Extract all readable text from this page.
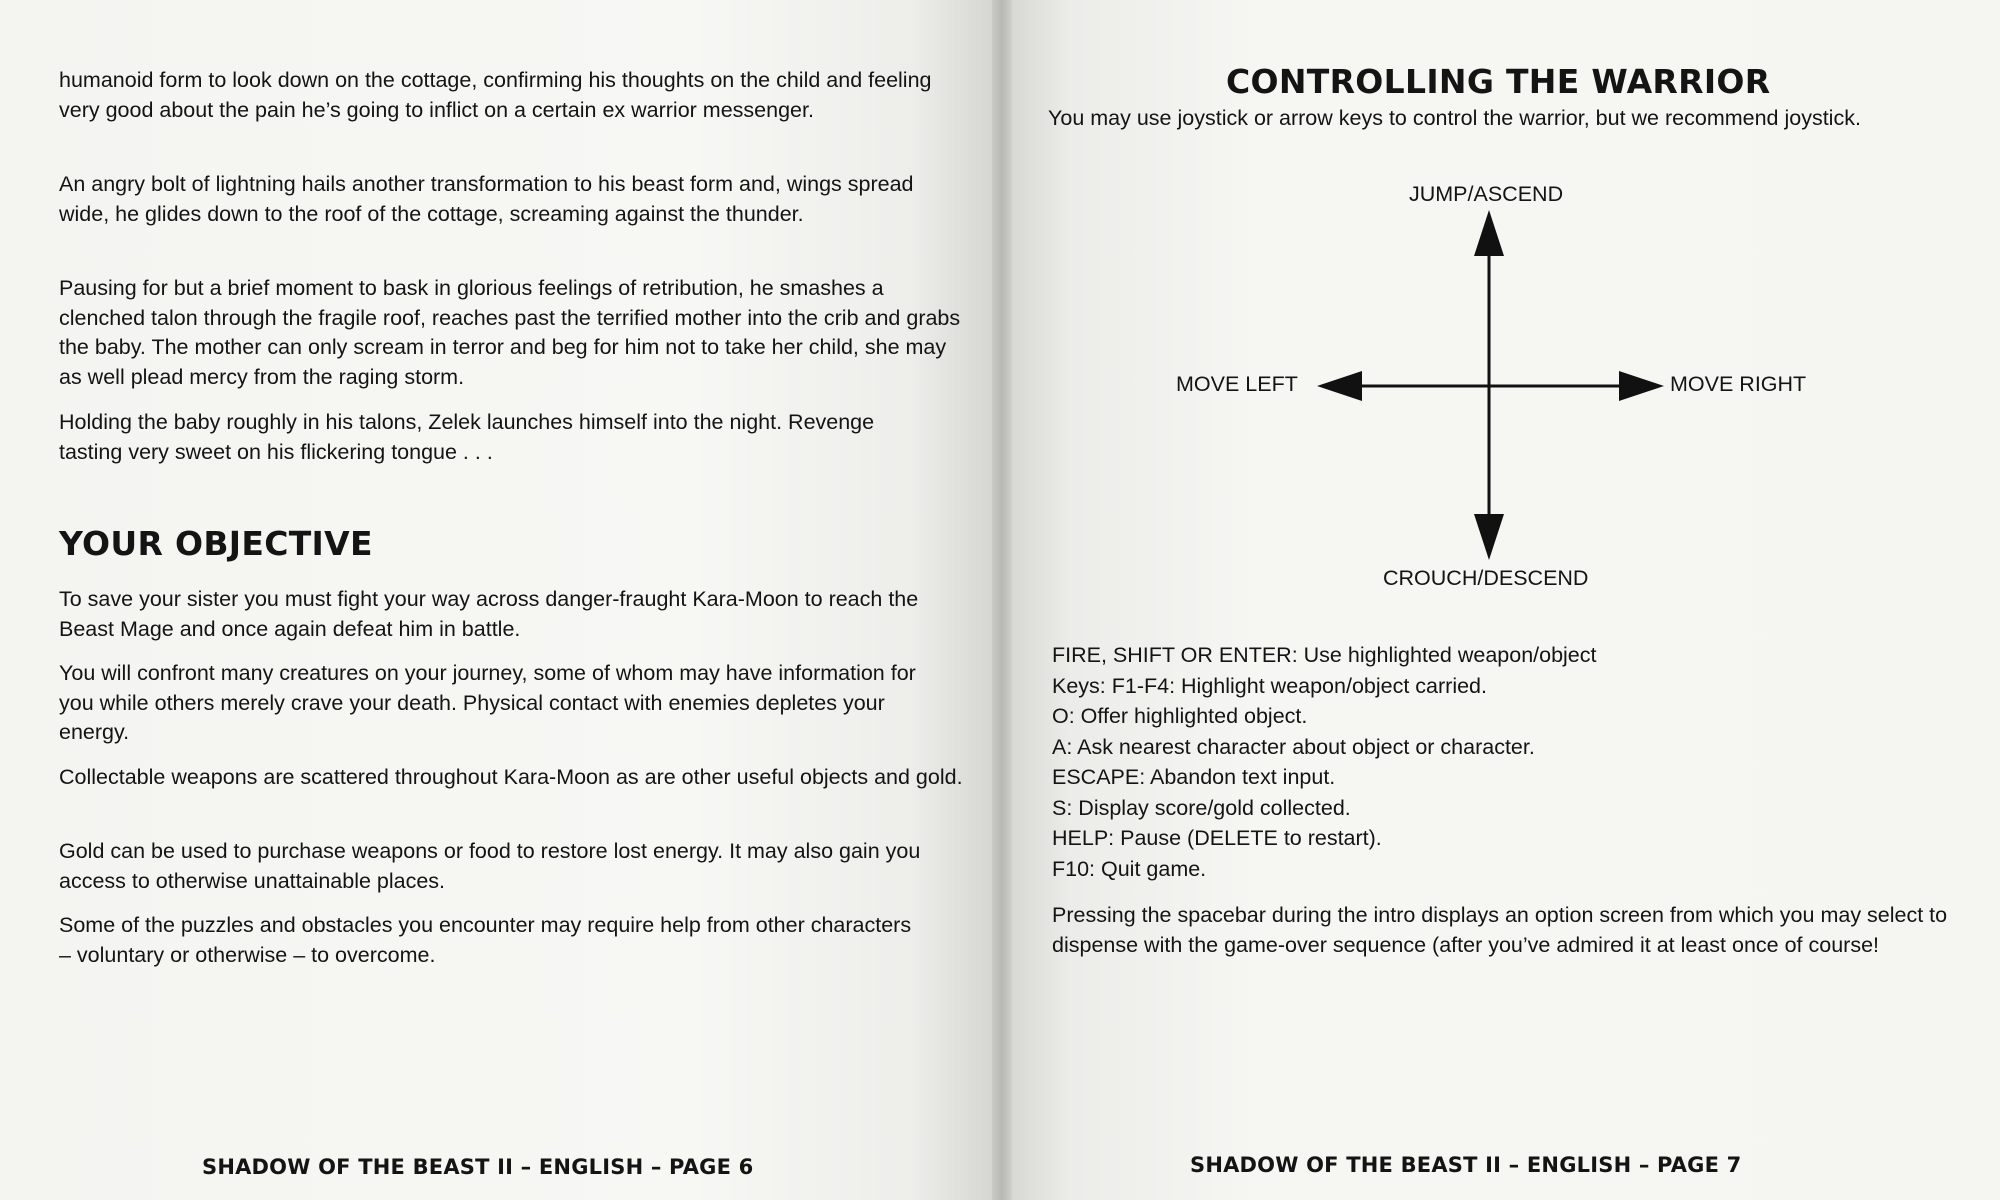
humanoid form to look down on the cottage, confirming his thoughts on the child and feeling very good about the pain he’s going to inflict on a certain ex warrior messenger.

An angry bolt of lightning hails another transformation to his beast form and, wings spread wide, he glides down to the roof of the cottage, screaming against the thunder.

Pausing for but a brief moment to bask in glorious feelings of retribution, he smashes a clenched talon through the fragile roof, reaches past the terrified mother into the crib and grabs the baby. The mother can only scream in terror and beg for him not to take her child, she may as well plead mercy from the raging storm.

Holding the baby roughly in his talons, Zelek launches himself into the night. Revenge tasting very sweet on his flickering tongue . . .

YOUR OBJECTIVE

To save your sister you must fight your way across danger-fraught Kara-Moon to reach the Beast Mage and once again defeat him in battle.

You will confront many creatures on your journey, some of whom may have information for you while others merely crave your death. Physical contact with enemies depletes your energy.

Collectable weapons are scattered throughout Kara-Moon as are other useful objects and gold.

Gold can be used to purchase weapons or food to restore lost energy. It may also gain you access to otherwise unattainable places.

Some of the puzzles and obstacles you encounter may require help from other characters – voluntary or otherwise – to overcome.

SHADOW OF THE BEAST II – ENGLISH – PAGE 6

CONTROLLING THE WARRIOR

You may use joystick or arrow keys to control the warrior, but we recommend joystick.

JUMP/ASCEND

CROUCH/DESCEND

MOVE LEFT	MOVE RIGHT

FIRE, SHIFT OR ENTER: Use highlighted weapon/object
Keys: F1-F4: Highlight weapon/object carried.
O: Offer highlighted object.
A: Ask nearest character about object or character.
ESCAPE: Abandon text input.
S: Display score/gold collected.
HELP: Pause (DELETE to restart).
F10: Quit game.

Pressing the spacebar during the intro displays an option screen from which you may select to dispense with the game-over sequence (after you’ve admired it at least once of course!

SHADOW OF THE BEAST II – ENGLISH – PAGE 7
